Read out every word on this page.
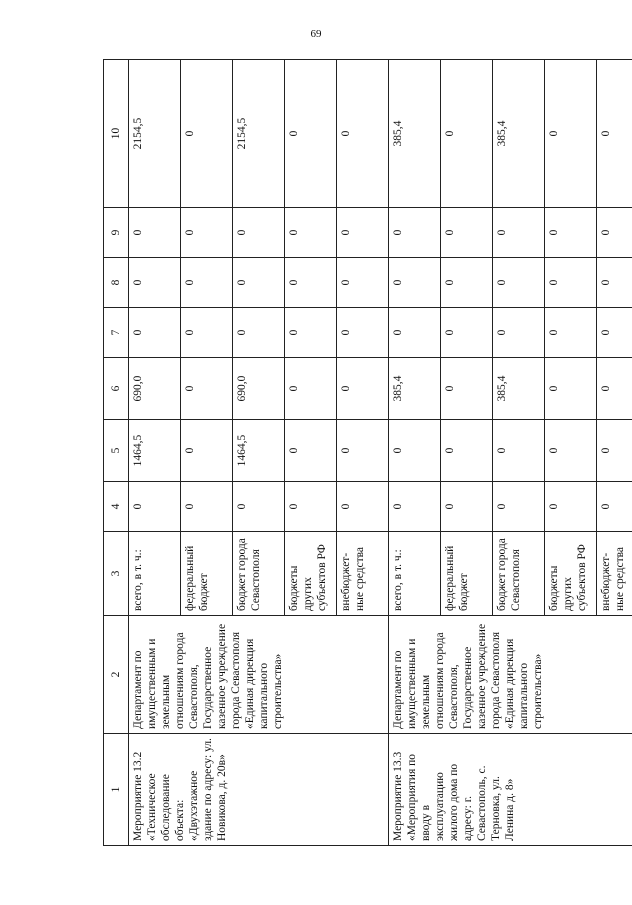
69
1	2	3	4	5	6	7	8	9	10
Мероприятие 13.2 «Техническое обследование объекта: «Двухэтажное здание по адресу: ул. Новикова, д. 20в»	Департамент по имущественным и земельным отношениям города Севастополя, Государственное казенное учреждение города Севастополя «Единая дирекция капитального строительства»	всего, в т. ч.:	0	1464,5	690,0	0	0	0	2154,5
		федеральный бюджет	0	0	0	0	0	0	0
		бюджет города Севастополя	0	1464,5	690,0	0	0	0	2154,5
		бюджеты других субъектов РФ	0	0	0	0	0	0	0
		внебюджет-ные средства	0	0	0	0	0	0	0
Мероприятие 13.3 «Мероприятия по вводу в эксплуатацию жилого дома по адресу: г. Севастополь, с. Терновка, ул. Ленина д. 8»	Департамент по имущественным и земельным отношениям города Севастополя, Государственное казенное учреждение города Севастополя «Единая дирекция капитального строительства»	всего, в т. ч.:	0	0	385,4	0	0	0	385,4
		федеральный бюджет	0	0	0	0	0	0	0
		бюджет города Севастополя	0	0	385,4	0	0	0	385,4
		бюджеты других субъектов РФ	0	0	0	0	0	0	0
		внебюджет-ные средства	0	0	0	0	0	0	0
